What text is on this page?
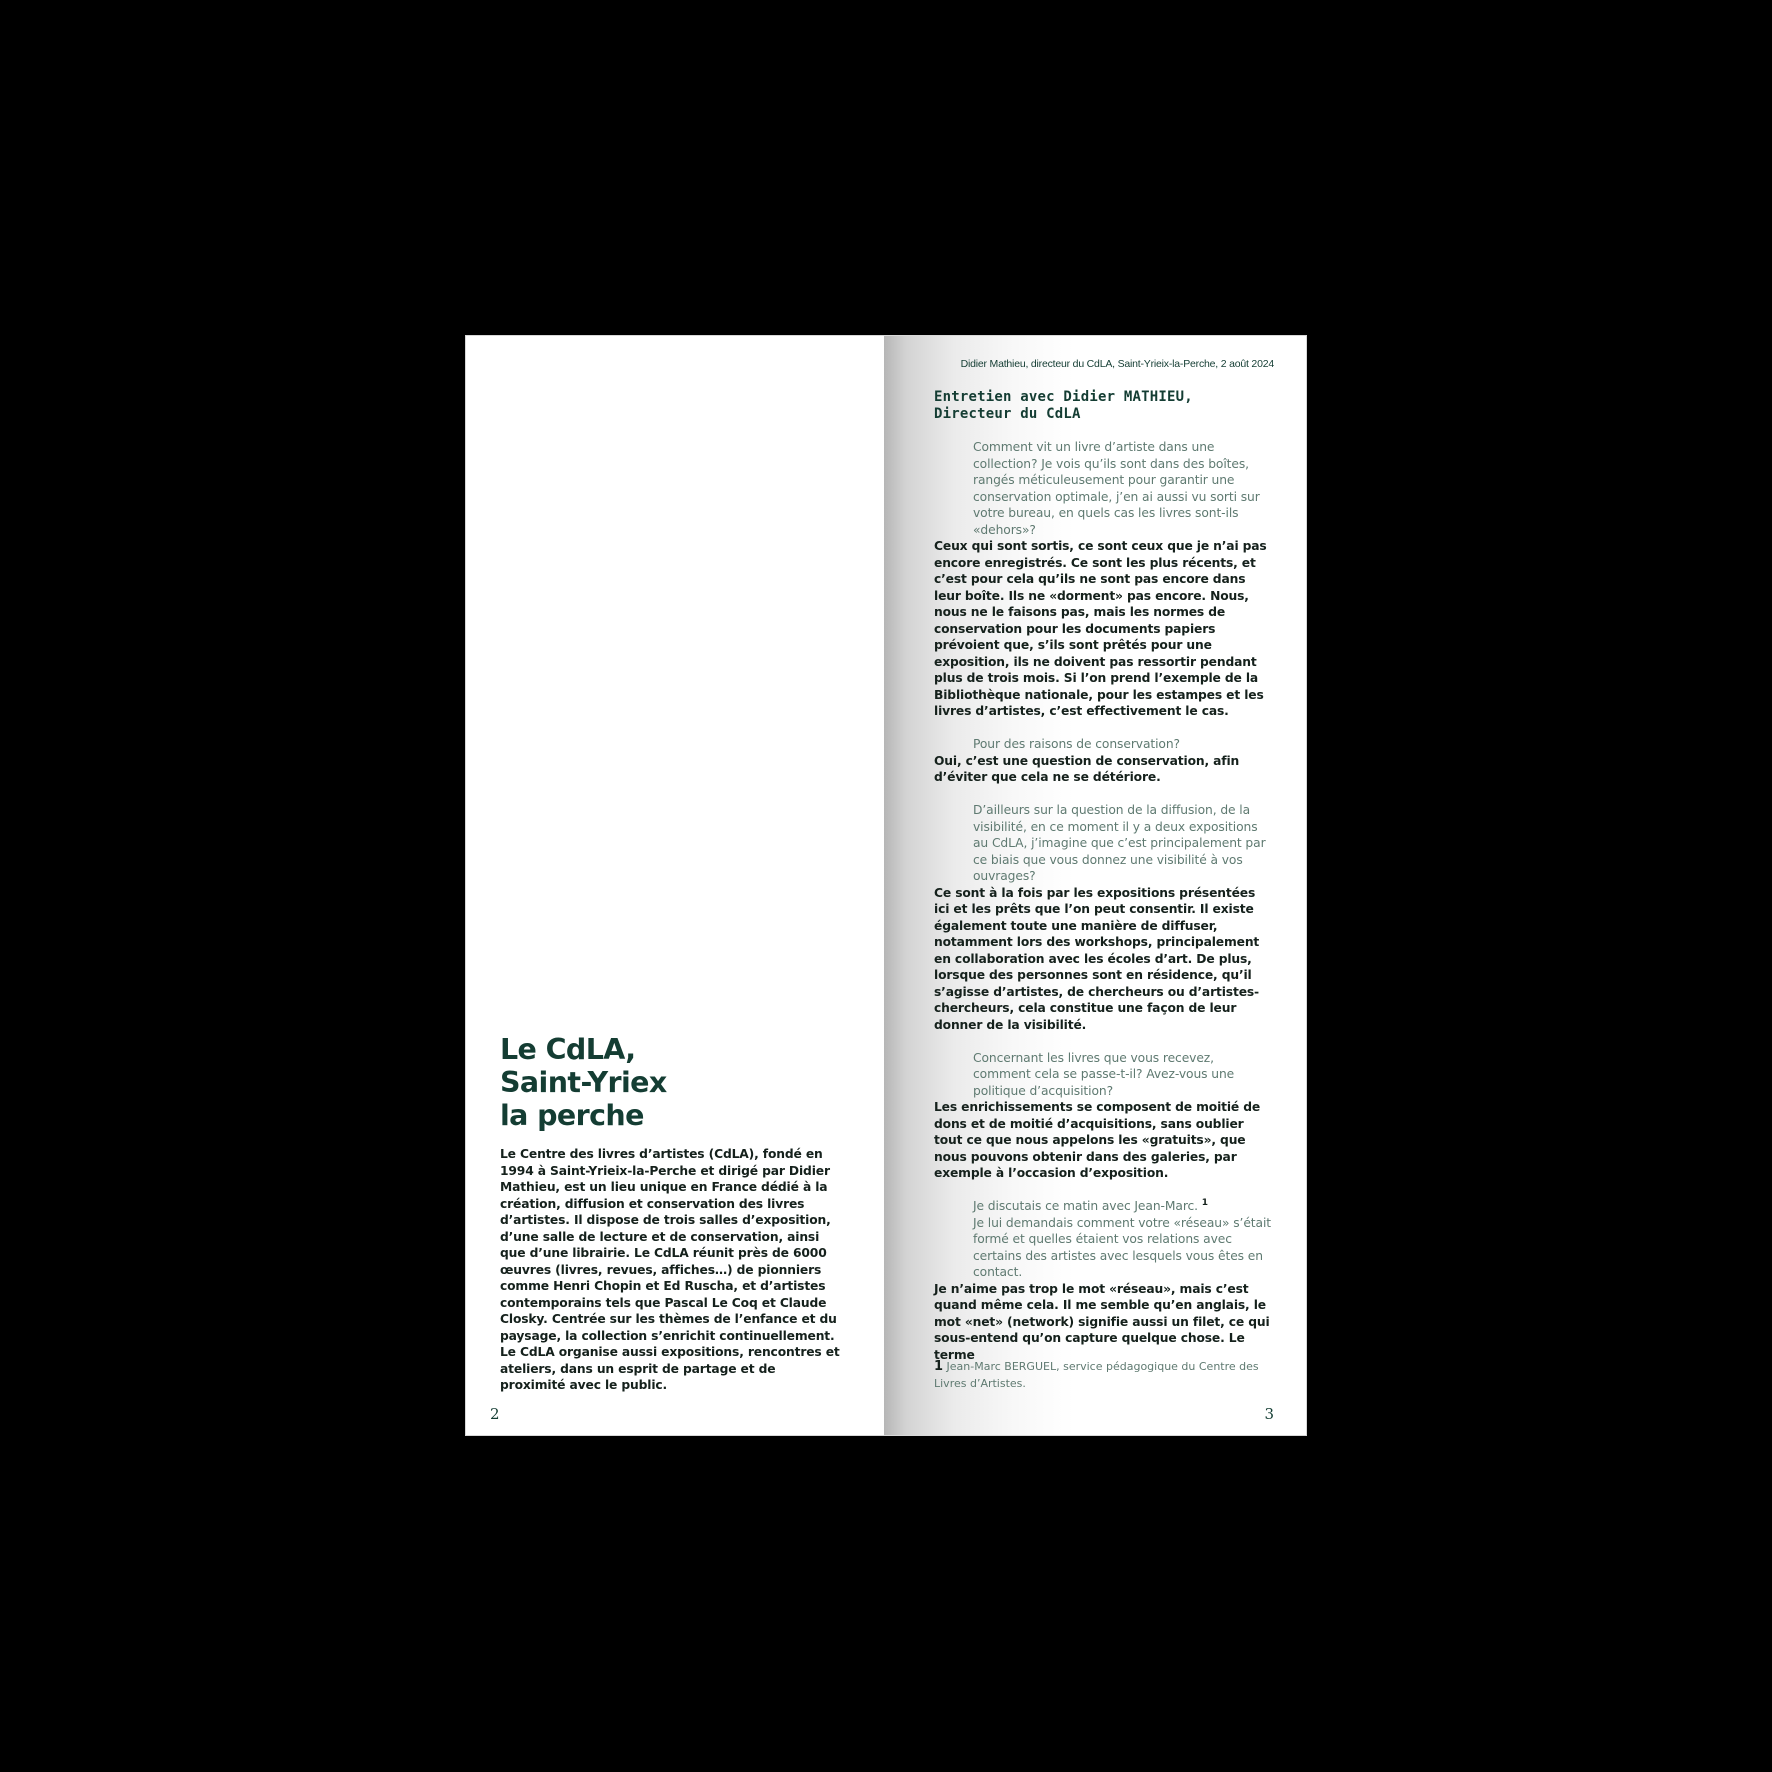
Le CdLA,
Saint-Yriex
la perche

Le Centre des livres d’artistes (CdLA), fondé en 1994 à Saint-Yrieix-la-Perche et dirigé par Didier Mathieu, est un lieu unique en France dédié à la création, diffusion et conservation des livres d’artistes. Il dispose de trois salles d’exposition, d’une salle de lecture et de conservation, ainsi que d’une librairie. Le CdLA réunit près de 6000 œuvres (livres, revues, affiches…) de pionniers comme Henri Chopin et Ed Ruscha, et d’artistes contemporains tels que Pascal Le Coq et Claude Closky. Centrée sur les thèmes de l’enfance et du paysage, la collection s’enrichit continuellement. Le CdLA organise aussi expositions, rencontres et ateliers, dans un esprit de partage et de proximité avec le public.

2
Didier Mathieu, directeur du CdLA, Saint-Yrieix-la-Perche, 2 août 2024
Entretien avec Didier MATHIEU,
Directeur du CdLA

Comment vit un livre d’artiste dans une collection? Je vois qu’ils sont dans des boîtes, rangés méticuleusement pour garantir une conservation optimale, j’en ai aussi vu sorti sur votre bureau, en quels cas les livres sont-ils «dehors»?

Ceux qui sont sortis, ce sont ceux que je n’ai pas encore enregistrés. Ce sont les plus récents, et c’est pour cela qu’ils ne sont pas encore dans leur boîte. Ils ne «dorment» pas encore. Nous, nous ne le faisons pas, mais les normes de conservation pour les documents papiers prévoient que, s’ils sont prêtés pour une exposition, ils ne doivent pas ressortir pendant plus de trois mois. Si l’on prend l’exemple de la Bibliothèque nationale, pour les estampes et les livres d’artistes, c’est effectivement le cas.

Pour des raisons de conservation?

Oui, c’est une question de conservation, afin d’éviter que cela ne se détériore.

D’ailleurs sur la question de la diffusion, de la visibilité, en ce moment il y a deux expositions au CdLA, j’imagine que c’est principalement par ce biais que vous donnez une visibilité à vos ouvrages?

Ce sont à la fois par les expositions présentées ici et les prêts que l’on peut consentir. Il existe également toute une manière de diffuser, notamment lors des workshops, principalement en collaboration avec les écoles d’art. De plus, lorsque des personnes sont en résidence, qu’il s’agisse d’artistes, de chercheurs ou d’artistes-chercheurs, cela constitue une façon de leur donner de la visibilité.

Concernant les livres que vous recevez, comment cela se passe-t-il? Avez-vous une politique d’acquisition?

Les enrichissements se composent de moitié de dons et de moitié d’acquisitions, sans oublier tout ce que nous appelons les «gratuits», que nous pouvons obtenir dans des galeries, par exemple à l’occasion d’exposition.

Je discutais ce matin avec Jean-Marc. $^1$
Je lui demandais comment votre «réseau» s’était formé et quelles étaient vos relations avec certains des artistes avec lesquels vous êtes en contact.

Je n’aime pas trop le mot «réseau», mais c’est quand même cela. Il me semble qu’en anglais, le mot «net» (network) signifie aussi un filet, ce qui sous-entend qu’on capture quelque chose. Le terme

1 Jean-Marc BERGUEL, service pédagogique du Centre des Livres d’Artistes.

3
